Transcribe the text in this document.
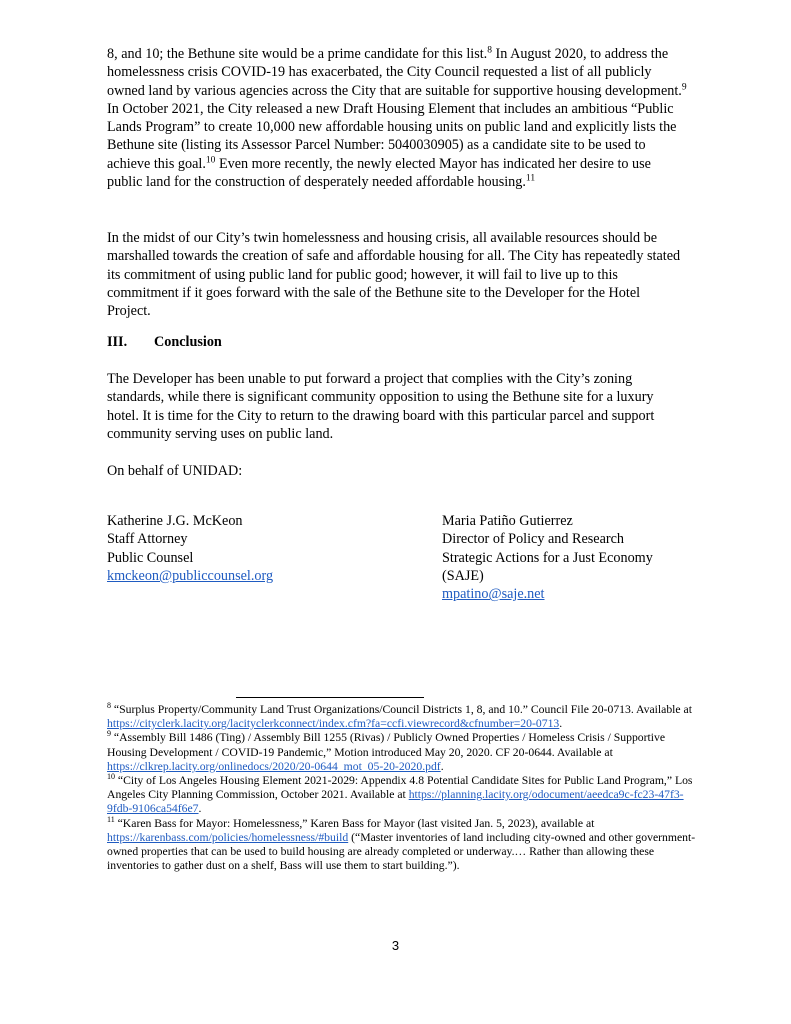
8, and 10; the Bethune site would be a prime candidate for this list.$^8$ In August 2020, to address the homelessness crisis COVID-19 has exacerbated, the City Council requested a list of all publicly owned land by various agencies across the City that are suitable for supportive housing development.$^9$ In October 2021, the City released a new Draft Housing Element that includes an ambitious “Public Lands Program” to create 10,000 new affordable housing units on public land and explicitly lists the Bethune site (listing its Assessor Parcel Number: 5040030905) as a candidate site to be used to achieve this goal.$^{10}$ Even more recently, the newly elected Mayor has indicated her desire to use public land for the construction of desperately needed affordable housing.$^{11}$

In the midst of our City’s twin homelessness and housing crisis, all available resources should be marshalled towards the creation of safe and affordable housing for all. The City has repeatedly stated its commitment of using public land for public good; however, it will fail to live up to this commitment if it goes forward with the sale of the Bethune site to the Developer for the Hotel Project.

III. Conclusion

The Developer has been unable to put forward a project that complies with the City’s zoning standards, while there is significant community opposition to using the Bethune site for a luxury hotel. It is time for the City to return to the drawing board with this particular parcel and support community serving uses on public land.

On behalf of UNIDAD:

Katherine J.G. McKeon
Staff Attorney
Public Counsel
kmckeon@publiccounsel.org
Maria Patiño Gutierrez
Director of Policy and Research
Strategic Actions for a Just Economy
(SAJE)
mpatino@saje.net

$^8$ “Surplus Property/Community Land Trust Organizations/Council Districts 1, 8, and 10.” Council File 20-0713. Available at https://cityclerk.lacity.org/lacityclerkconnect/index.cfm?fa=ccfi.viewrecord&cfnumber=20-0713.

$^9$ “Assembly Bill 1486 (Ting) / Assembly Bill 1255 (Rivas) / Publicly Owned Properties / Homeless Crisis / Supportive Housing Development / COVID-19 Pandemic,” Motion introduced May 20, 2020. CF 20-0644. Available at https://clkrep.lacity.org/onlinedocs/2020/20-0644_mot_05-20-2020.pdf.

$^{10}$ “City of Los Angeles Housing Element 2021-2029: Appendix 4.8 Potential Candidate Sites for Public Land Program,” Los Angeles City Planning Commission, October 2021. Available at https://planning.lacity.org/odocument/aeedca9c-fc23-47f3-9fdb-9106ca54f6e7.

$^{11}$ “Karen Bass for Mayor: Homelessness,” Karen Bass for Mayor (last visited Jan. 5, 2023), available at https://karenbass.com/policies/homelessness/#build (“Master inventories of land including city-owned and other government-owned properties that can be used to build housing are already completed or underway.… Rather than allowing these inventories to gather dust on a shelf, Bass will use them to start building.”).

3
